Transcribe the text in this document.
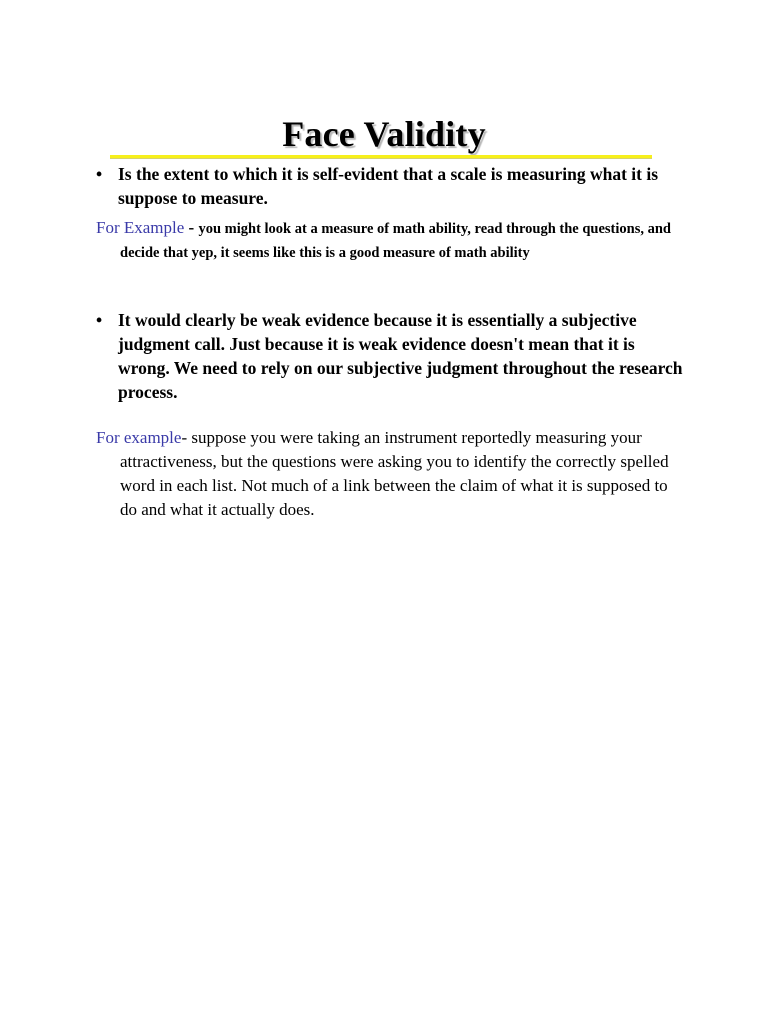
Face Validity
• Is the extent to which it is self-evident that a scale is measuring what it is suppose to measure.
For Example - you might look at a measure of math ability, read through the questions, and decide that yep, it seems like this is a good measure of math ability
• It would clearly be weak evidence because it is essentially a subjective judgment call. Just because it is weak evidence doesn't mean that it is wrong. We need to rely on our subjective judgment throughout the research process.
For example- suppose you were taking an instrument reportedly measuring your attractiveness, but the questions were asking you to identify the correctly spelled word in each list. Not much of a link between the claim of what it is supposed to do and what it actually does.
